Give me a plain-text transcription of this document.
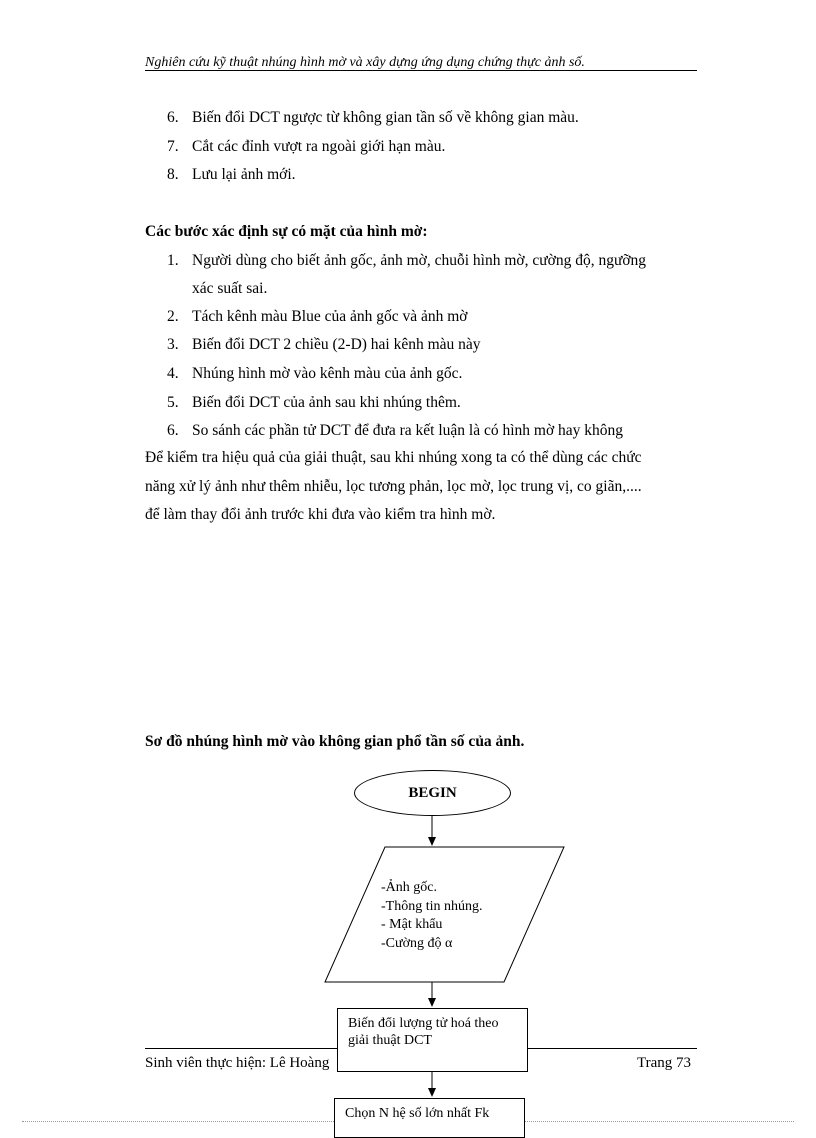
Nghiên cứu kỹ thuật nhúng hình mờ và xây dựng ứng dụng chứng thực ảnh số.
6. Biến đổi DCT ngược từ không gian tần số về không gian màu.
7. Cắt các đỉnh vượt ra ngoài giới hạn màu.
8. Lưu lại ảnh mới.
Các bước xác định sự có mặt của hình mờ:
1. Người dùng cho biết ảnh gốc, ảnh mờ, chuỗi hình mờ, cường độ, ngưỡng
xác suất sai.
2. Tách kênh màu Blue của ảnh gốc và ảnh mờ
3. Biến đổi DCT 2 chiều (2-D) hai kênh màu này
4. Nhúng hình mờ vào kênh màu của ảnh gốc.
5. Biến đổi DCT của ảnh sau khi nhúng thêm.
6. So sánh các phần tử DCT để đưa ra kết luận là có hình mờ hay không
Để kiểm tra hiệu quả của giải thuật, sau khi nhúng xong ta có thể dùng các chức
năng xử lý ảnh như thêm nhiễu, lọc tương phản, lọc mờ, lọc trung vị, co giãn,....
để làm thay đổi ảnh trước khi đưa vào kiểm tra hình mờ.
Sơ đồ nhúng hình mờ vào không gian phổ tần số của ảnh.
BEGIN
-Ảnh gốc.
-Thông tin nhúng.
- Mật khẩu
-Cường độ α
Sinh viên thực hiện: Lê Hoàng	Trang 73
Biến đổi lượng tử hoá theo giải thuật DCT
Chọn N hệ số lớn nhất Fk
